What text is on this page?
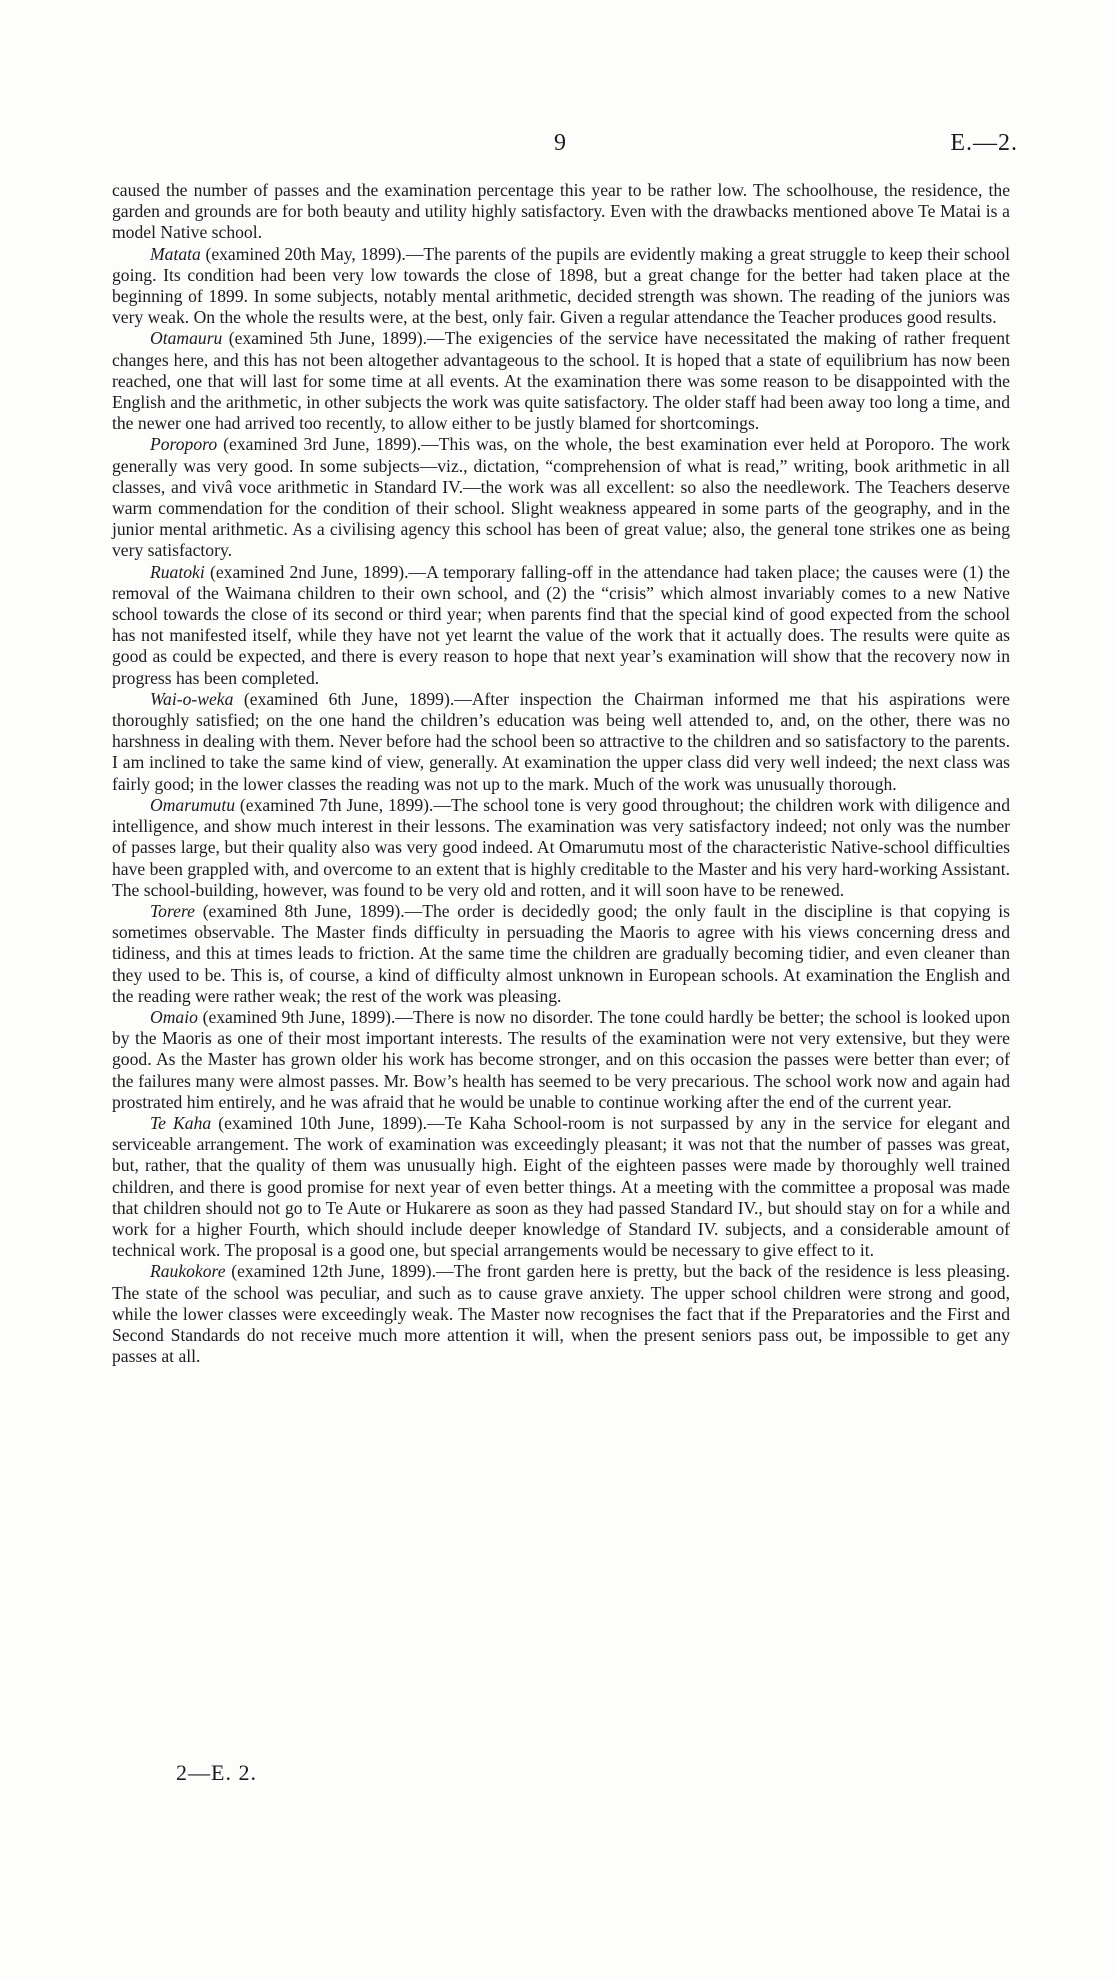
9	E.—2.

caused the number of passes and the examination percentage this year to be rather low. The schoolhouse, the residence, the garden and grounds are for both beauty and utility highly satisfactory. Even with the drawbacks mentioned above Te Matai is a model Native school.

Matata (examined 20th May, 1899).—The parents of the pupils are evidently making a great struggle to keep their school going. Its condition had been very low towards the close of 1898, but a great change for the better had taken place at the beginning of 1899. In some subjects, notably mental arithmetic, decided strength was shown. The reading of the juniors was very weak. On the whole the results were, at the best, only fair. Given a regular attendance the Teacher produces good results.

Otamauru (examined 5th June, 1899).—The exigencies of the service have necessitated the making of rather frequent changes here, and this has not been altogether advantageous to the school. It is hoped that a state of equilibrium has now been reached, one that will last for some time at all events. At the examination there was some reason to be disappointed with the English and the arithmetic, in other subjects the work was quite satisfactory. The older staff had been away too long a time, and the newer one had arrived too recently, to allow either to be justly blamed for shortcomings.

Poroporo (examined 3rd June, 1899).—This was, on the whole, the best examination ever held at Poroporo. The work generally was very good. In some subjects—viz., dictation, “comprehension of what is read,” writing, book arithmetic in all classes, and vivâ voce arithmetic in Standard IV.—the work was all excellent: so also the needlework. The Teachers deserve warm commendation for the condition of their school. Slight weakness appeared in some parts of the geography, and in the junior mental arithmetic. As a civilising agency this school has been of great value; also, the general tone strikes one as being very satisfactory.

Ruatoki (examined 2nd June, 1899).—A temporary falling-off in the attendance had taken place; the causes were (1) the removal of the Waimana children to their own school, and (2) the “crisis” which almost invariably comes to a new Native school towards the close of its second or third year; when parents find that the special kind of good expected from the school has not manifested itself, while they have not yet learnt the value of the work that it actually does. The results were quite as good as could be expected, and there is every reason to hope that next year’s examination will show that the recovery now in progress has been completed.

Wai-o-weka (examined 6th June, 1899).—After inspection the Chairman informed me that his aspirations were thoroughly satisfied; on the one hand the children’s education was being well attended to, and, on the other, there was no harshness in dealing with them. Never before had the school been so attractive to the children and so satisfactory to the parents. I am inclined to take the same kind of view, generally. At examination the upper class did very well indeed; the next class was fairly good; in the lower classes the reading was not up to the mark. Much of the work was unusually thorough.

Omarumutu (examined 7th June, 1899).—The school tone is very good throughout; the children work with diligence and intelligence, and show much interest in their lessons. The examination was very satisfactory indeed; not only was the number of passes large, but their quality also was very good indeed. At Omarumutu most of the characteristic Native-school difficulties have been grappled with, and overcome to an extent that is highly creditable to the Master and his very hard-working Assistant. The school-building, however, was found to be very old and rotten, and it will soon have to be renewed.

Torere (examined 8th June, 1899).—The order is decidedly good; the only fault in the discipline is that copying is sometimes observable. The Master finds difficulty in persuading the Maoris to agree with his views concerning dress and tidiness, and this at times leads to friction. At the same time the children are gradually becoming tidier, and even cleaner than they used to be. This is, of course, a kind of difficulty almost unknown in European schools. At examination the English and the reading were rather weak; the rest of the work was pleasing.

Omaio (examined 9th June, 1899).—There is now no disorder. The tone could hardly be better; the school is looked upon by the Maoris as one of their most important interests. The results of the examination were not very extensive, but they were good. As the Master has grown older his work has become stronger, and on this occasion the passes were better than ever; of the failures many were almost passes. Mr. Bow’s health has seemed to be very precarious. The school work now and again had prostrated him entirely, and he was afraid that he would be unable to continue working after the end of the current year.

Te Kaha (examined 10th June, 1899).—Te Kaha School-room is not surpassed by any in the service for elegant and serviceable arrangement. The work of examination was exceedingly pleasant; it was not that the number of passes was great, but, rather, that the quality of them was unusually high. Eight of the eighteen passes were made by thoroughly well trained children, and there is good promise for next year of even better things. At a meeting with the committee a proposal was made that children should not go to Te Aute or Hukarere as soon as they had passed Standard IV., but should stay on for a while and work for a higher Fourth, which should include deeper knowledge of Standard IV. subjects, and a considerable amount of technical work. The proposal is a good one, but special arrangements would be necessary to give effect to it.

Raukokore (examined 12th June, 1899).—The front garden here is pretty, but the back of the residence is less pleasing. The state of the school was peculiar, and such as to cause grave anxiety. The upper school children were strong and good, while the lower classes were exceedingly weak. The Master now recognises the fact that if the Preparatories and the First and Second Standards do not receive much more attention it will, when the present seniors pass out, be impossible to get any passes at all.

2—E. 2.
